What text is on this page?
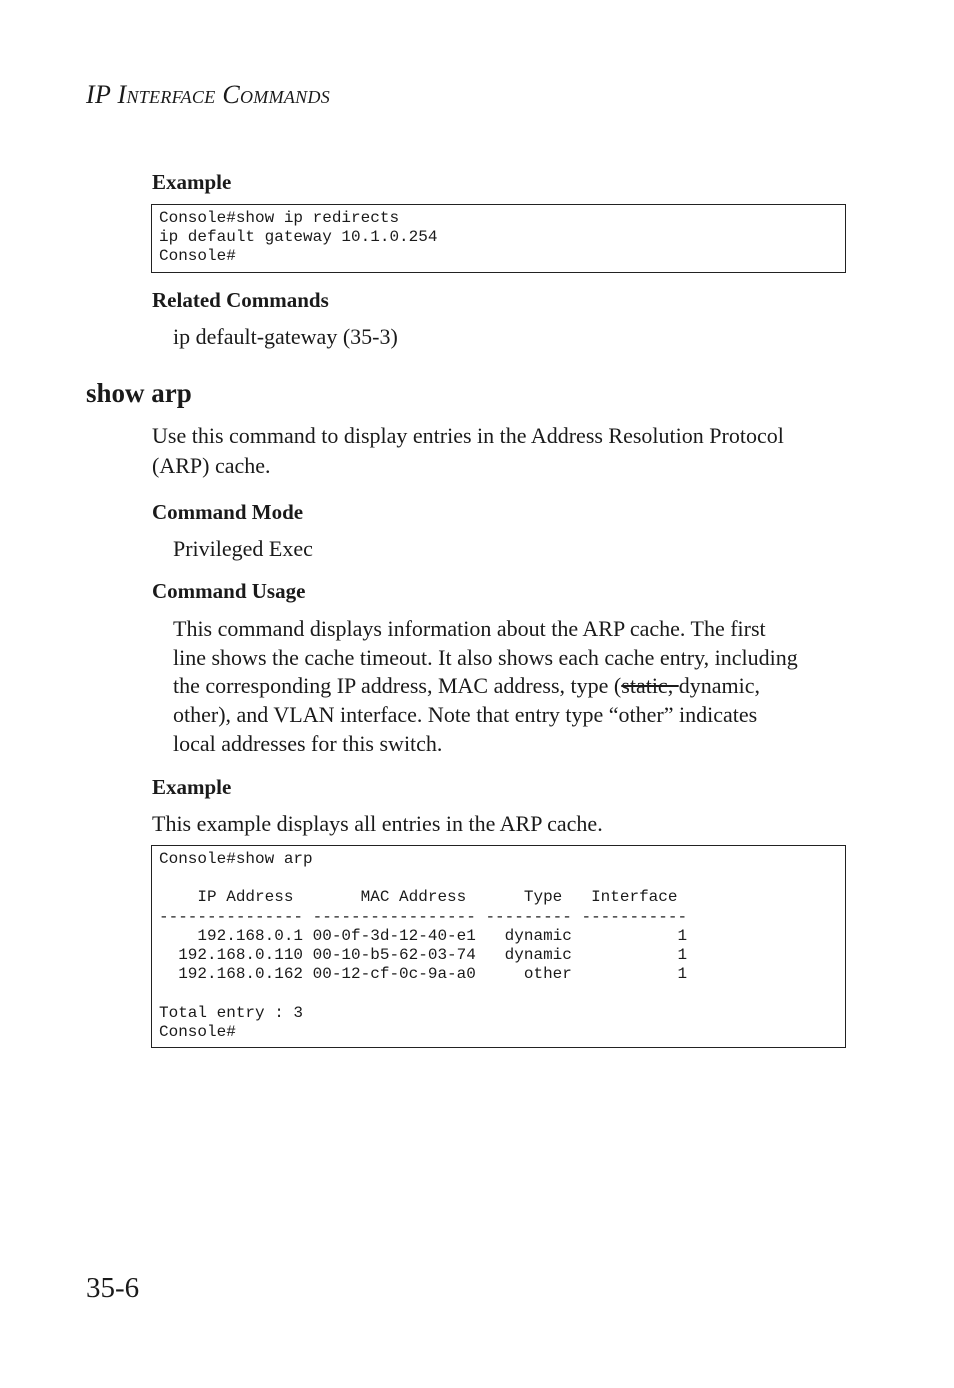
IP INTERFACE COMMANDS
Example
Console#show ip redirects
ip default gateway 10.1.0.254
Console#
Related Commands
ip default-gateway (35-3)
show arp
Use this command to display entries in the Address Resolution Protocol
(ARP) cache.
Command Mode
Privileged Exec
Command Usage
This command displays information about the ARP cache. The first
line shows the cache timeout. It also shows each cache entry, including
the corresponding IP address, MAC address, type (static, dynamic,
other), and VLAN interface. Note that entry type “other” indicates
local addresses for this switch.
Example
This example displays all entries in the ARP cache.
Console#show arp

IP Address       MAC Address      Type   Interface
--------------- ----------------- --------- -----------
192.168.0.1 00-0f-3d-12-40-e1   dynamic           1
192.168.0.110 00-10-b5-62-03-74   dynamic           1
192.168.0.162 00-12-cf-0c-9a-a0     other           1

Total entry : 3
Console#
35-6
